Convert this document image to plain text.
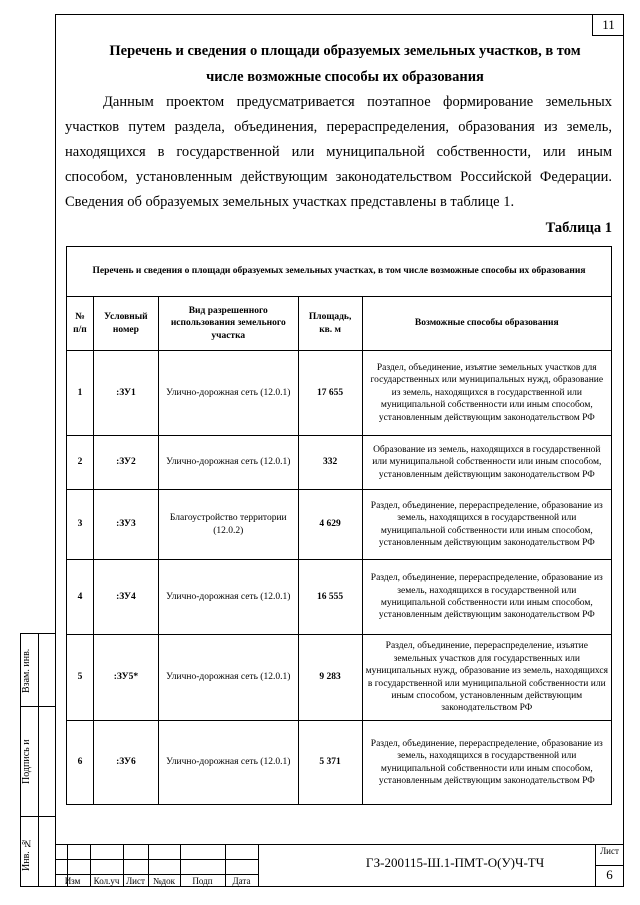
11
Перечень и сведения о площади образуемых земельных участков, в том числе возможные способы их образования
Данным проектом предусматривается поэтапное формирование земельных участков путем раздела, объединения, перераспределения, образования из земель, находящихся в государственной или муниципальной собственности, или иным способом, установленным действующим законодательством Российской Федерации. Сведения об образуемых земельных участках представлены в таблице 1.
Таблица 1
Перечень и сведения о площади образуемых земельных участках, в том числе возможные способы их образования				
№ п/п	Условный номер	Вид разрешенного использования земельного участка	Площадь, кв. м	Возможные способы образования
1	:ЗУ1	Улично-дорожная сеть (12.0.1)	17 655	Раздел, объединение, изъятие земельных участков для государственных или муниципальных нужд, образование из земель, находящихся в государственной или муниципальной собственности или иным способом, установленным действующим законодательством РФ
2	:ЗУ2	Улично-дорожная сеть (12.0.1)	332	Образование из земель, находящихся в государственной или муниципальной собственности или иным способом, установленным действующим законодательством РФ
3	:ЗУ3	Благоустройство территории (12.0.2)	4 629	Раздел, объединение, перераспределение, образование из земель, находящихся в государственной или муниципальной собственности или иным способом, установленным действующим законодательством РФ
4	:ЗУ4	Улично-дорожная сеть (12.0.1)	16 555	Раздел, объединение, перераспределение, образование из земель, находящихся в государственной или муниципальной собственности или иным способом, установленным действующим законодательством РФ
5	:ЗУ5*	Улично-дорожная сеть (12.0.1)	9 283	Раздел, объединение, перераспределение, изъятие земельных участков для государственных или муниципальных нужд, образование из земель, находящихся в государственной или муниципальной собственности или иным способом, установленным действующим законодательством РФ
6	:ЗУ6	Улично-дорожная сеть (12.0.1)	5 371	Раздел, объединение, перераспределение, образование из земель, находящихся в государственной или муниципальной собственности или иным способом, установленным действующим законодательством РФ
Взам. инв.
Подпись и
Инв. №
Изм	Кол.уч Лист №док	Подп	Дата
ГЗ-200115-Ш.1-ПМТ-О(У)Ч-ТЧ
Лист
6
